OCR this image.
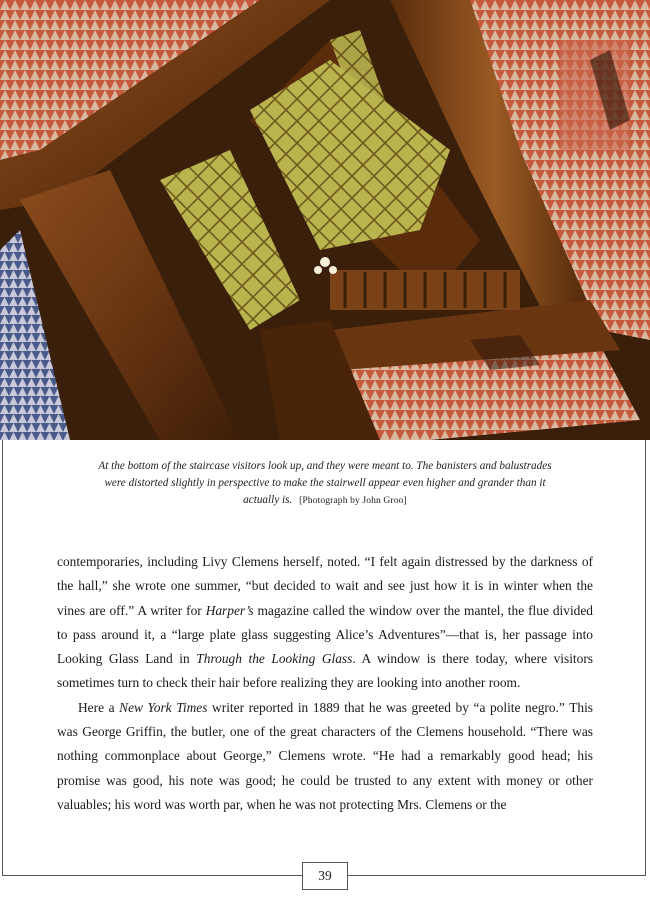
At the bottom of the staircase visitors look up, and they were meant to. The banisters and balustrades were distorted slightly in perspective to make the stairwell appear even higher and grander than it actually is. [Photograph by John Groo]

contemporaries, including Livy Clemens herself, noted. “I felt again distressed by the darkness of the hall,” she wrote one summer, “but decided to wait and see just how it is in winter when the vines are off.” A writer for Harper’s magazine called the window over the mantel, the flue divided to pass around it, a “large plate glass suggesting Alice’s Adventures”—that is, her passage into Looking Glass Land in Through the Looking Glass. A window is there today, where visitors sometimes turn to check their hair before realizing they are looking into another room.

Here a New York Times writer reported in 1889 that he was greeted by “a polite negro.” This was George Griffin, the butler, one of the great characters of the Clemens household. “There was nothing commonplace about George,” Clemens wrote. “He had a remarkably good head; his promise was good, his note was good; he could be trusted to any extent with money or other valuables; his word was worth par, when he was not protecting Mrs. Clemens or the

39
